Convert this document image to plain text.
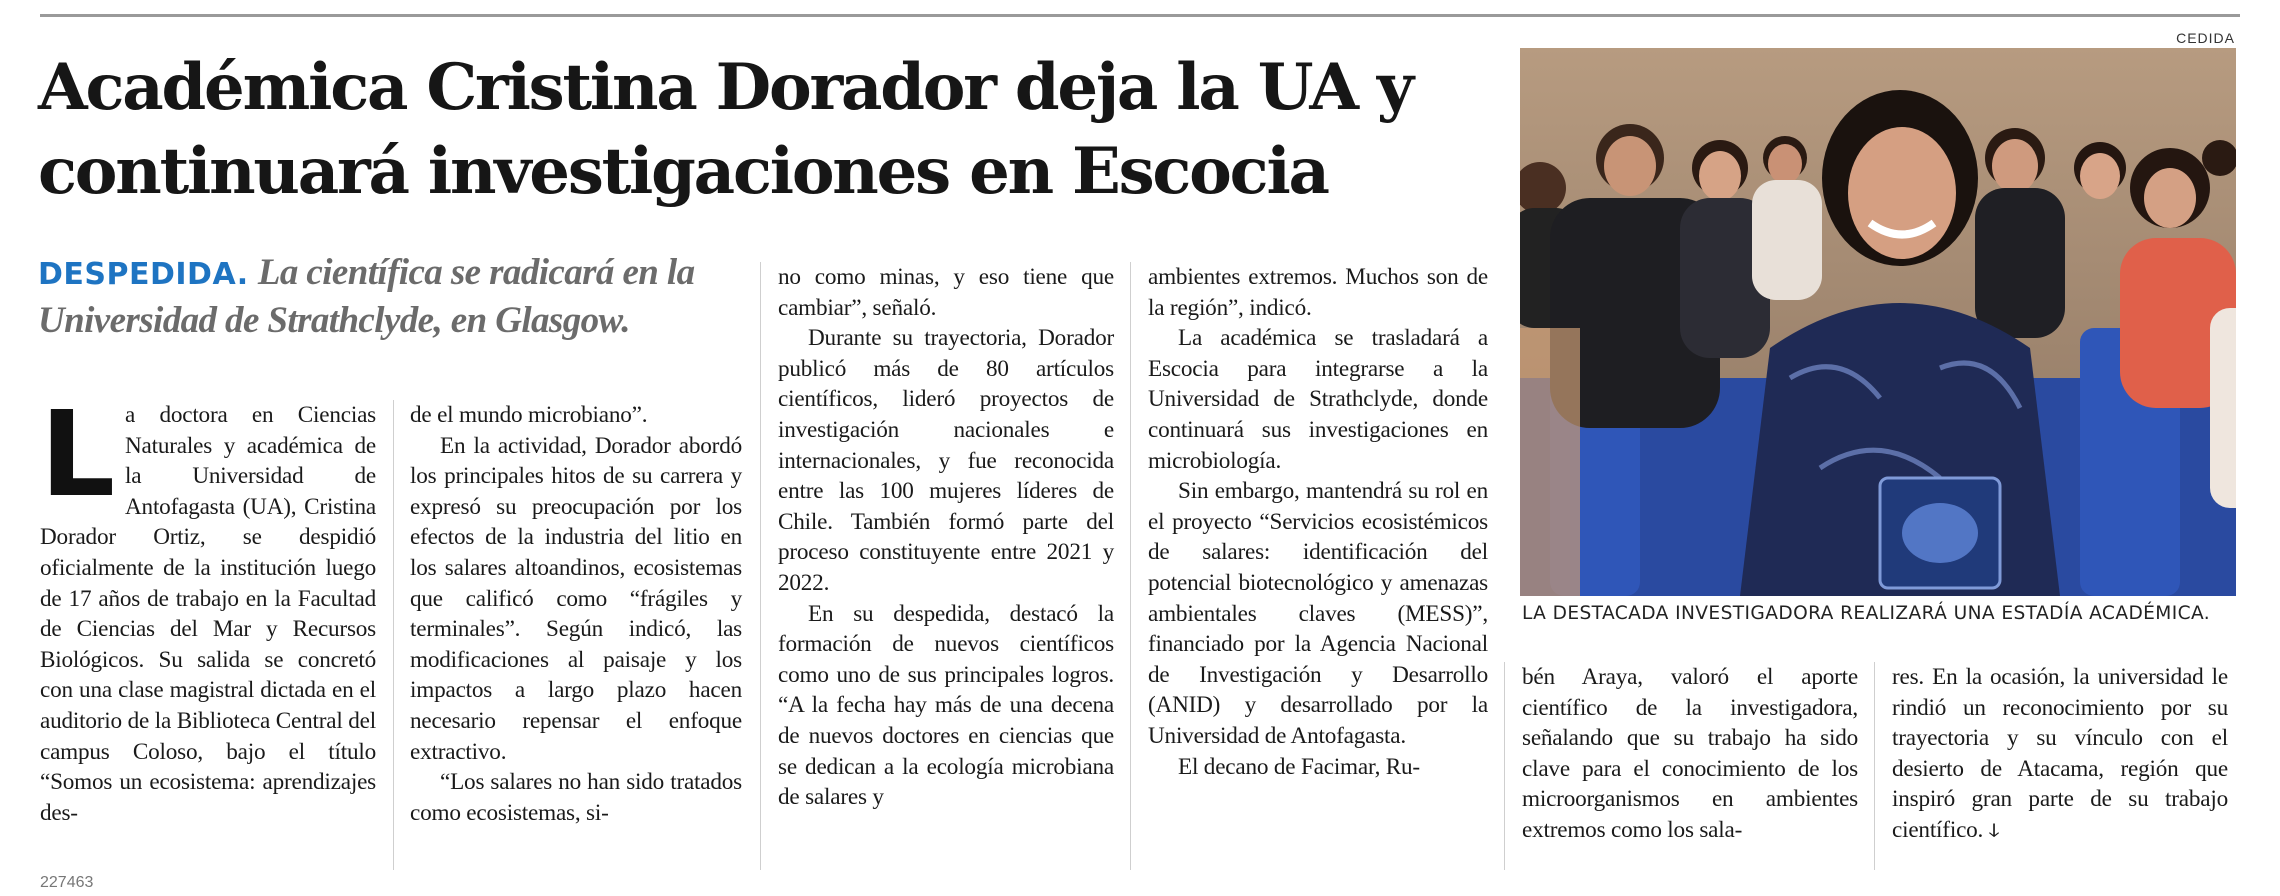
CEDIDA
Académica Cristina Dorador deja la UA y continuará investigaciones en Escocia
DESPEDIDA. La científica se radicará en la Universidad de Strathclyde, en Glasgow.
L a doctora en Ciencias Naturales y académica de la Universidad de Antofagasta (UA), Cristina Dorador Ortiz, se despidió oficialmente de la institución luego de 17 años de trabajo en la Facultad de Ciencias del Mar y Recursos Biológicos. Su salida se concretó con una clase magistral dictada en el auditorio de la Biblioteca Central del campus Coloso, bajo el título “Somos un ecosistema: aprendizajes des-

de el mundo microbiano”.

En la actividad, Dorador abordó los principales hitos de su carrera y expresó su preocupación por los efectos de la industria del litio en los salares altoandinos, ecosistemas que calificó como “frágiles y terminales”. Según indicó, las modificaciones al paisaje y los impactos a largo plazo hacen necesario repensar el enfoque extractivo.

“Los salares no han sido tratados como ecosistemas, si-

no como minas, y eso tiene que cambiar”, señaló.

Durante su trayectoria, Dorador publicó más de 80 artículos científicos, lideró proyectos de investigación nacionales e internacionales, y fue reconocida entre las 100 mujeres líderes de Chile. También formó parte del proceso constituyente entre 2021 y 2022.

En su despedida, destacó la formación de nuevos científicos como uno de sus principales logros. “A la fecha hay más de una decena de nuevos doctores en ciencias que se dedican a la ecología microbiana de salares y

ambientes extremos. Muchos son de la región”, indicó.

La académica se trasladará a Escocia para integrarse a la Universidad de Strathclyde, donde continuará sus investigaciones en microbiología.

Sin embargo, mantendrá su rol en el proyecto “Servicios ecosistémicos de salares: identificación del potencial biotecnológico y amenazas ambientales claves (MESS)”, financiado por la Agencia Nacional de Investigación y Desarrollo (ANID) y desarrollado por la Universidad de Antofagasta.

El decano de Facimar, Ru-

bén Araya, valoró el aporte científico de la investigadora, señalando que su trabajo ha sido clave para el conocimiento de los microorganismos en ambientes extremos como los sala-

res. En la ocasión, la universidad le rindió un reconocimiento por su trayectoria y su vínculo con el desierto de Atacama, región que inspiró gran parte de su trabajo científico. ↆ

LA DESTACADA INVESTIGADORA REALIZARÁ UNA ESTADÍA ACADÉMICA.
227463
